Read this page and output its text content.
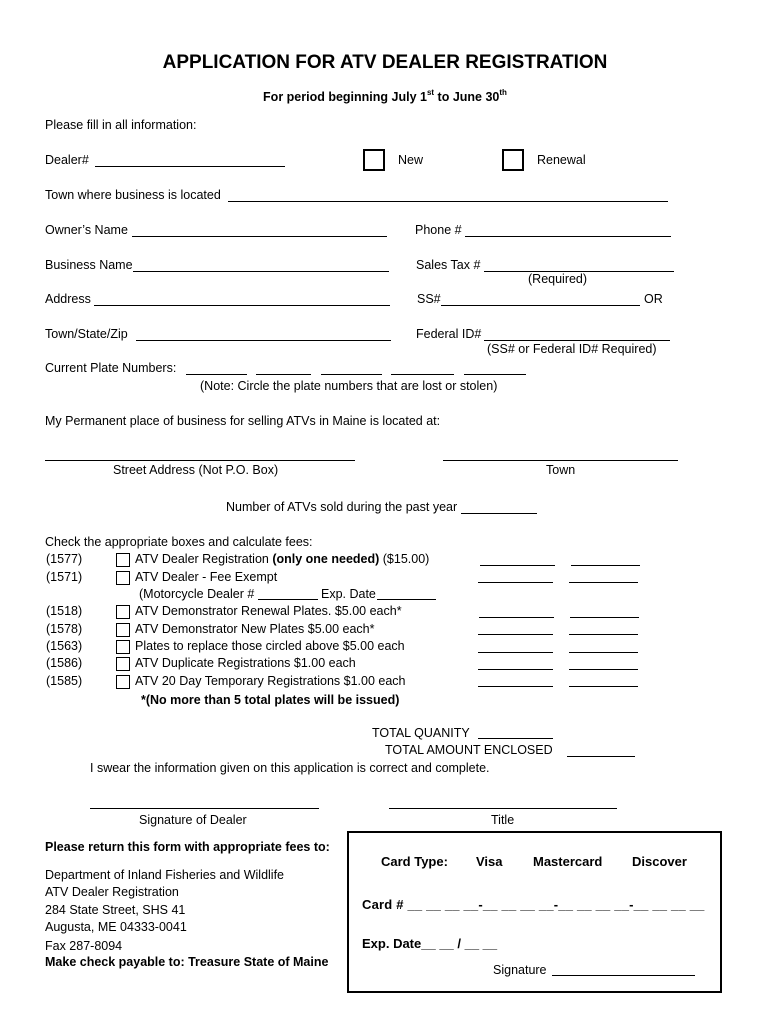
APPLICATION FOR ATV DEALER REGISTRATION
For period beginning July 1st to June 30th
Please fill in all information:
Dealer#	New	Renewal
Town where business is located
Owner’s Name	Phone #
Business Name	Sales Tax #
(Required)
Address	SS#	OR
Town/State/Zip	Federal ID#
(SS# or Federal ID# Required)
Current Plate Numbers:
(Note: Circle the plate numbers that are lost or stolen)
My Permanent place of business for selling ATVs in Maine is located at:
Street Address (Not P.O. Box)	Town
Number of ATVs sold during the past year
Check the appropriate boxes and calculate fees:
(1577)	ATV Dealer Registration (only one needed) ($15.00)
(1571)	ATV Dealer - Fee Exempt
(Motorcycle Dealer #	Exp. Date
(1518)	ATV Demonstrator Renewal Plates. $5.00 each*
(1578)	ATV Demonstrator New Plates $5.00 each*
(1563)	Plates to replace those circled above $5.00 each
(1586)	ATV Duplicate Registrations $1.00 each
(1585)	ATV 20 Day Temporary Registrations $1.00 each
*(No more than 5 total plates will be issued)
TOTAL QUANITY
TOTAL AMOUNT ENCLOSED
I swear the information given on this application is correct and complete.
Signature of Dealer	Title
Please return this form with appropriate fees to:
Department of Inland Fisheries and Wildlife
ATV Dealer Registration
284 State Street, SHS 41
Augusta, ME 04333-0041
Fax 287-8094
Make check payable to: Treasure State of Maine
Card Type: Visa Mastercard Discover
Card # __ __ __ __-__ __ __ __-__ __ __ __-__ __ __ __
Exp. Date__ __ / __ __
Signature
